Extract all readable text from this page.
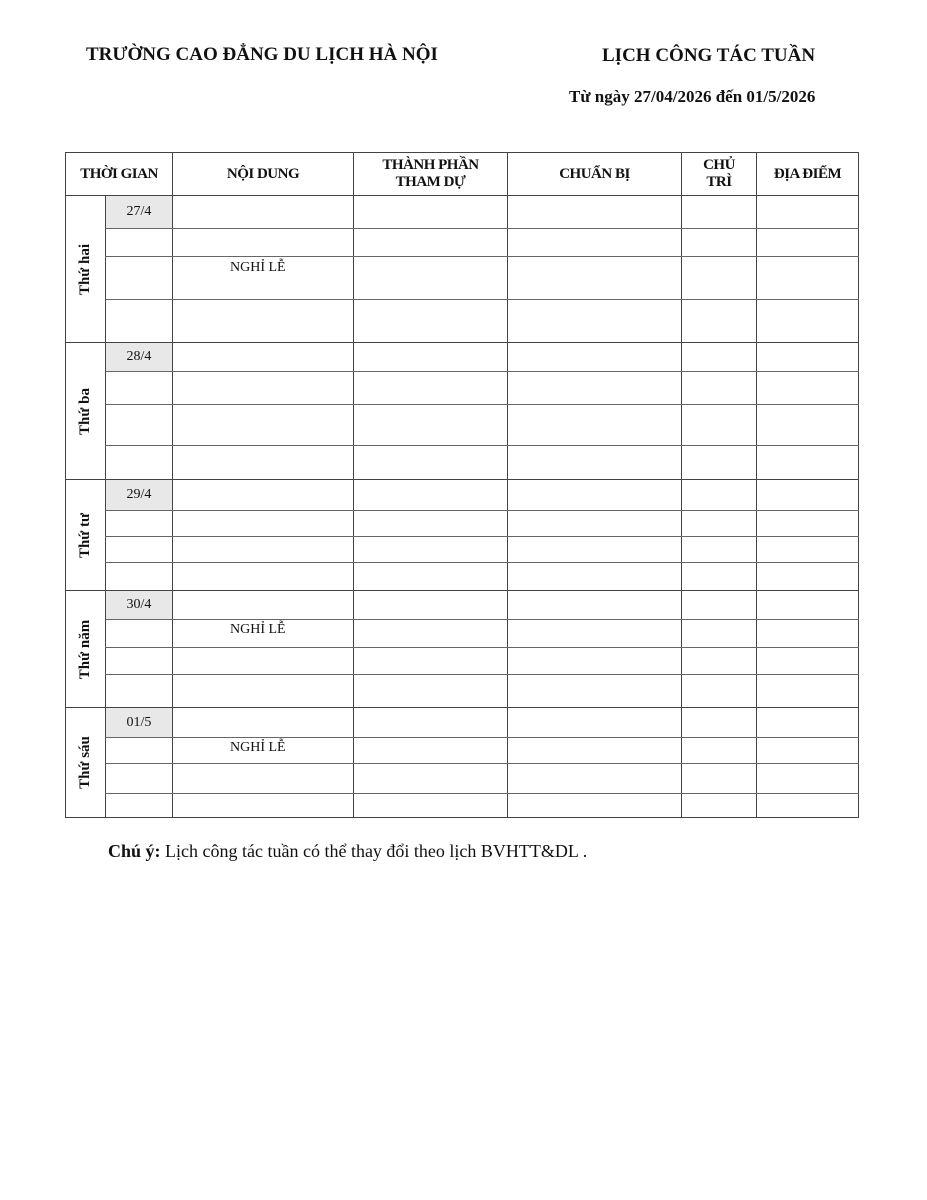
TRƯỜNG CAO ĐẲNG DU LỊCH HÀ NỘI	LỊCH CÔNG TÁC TUẦN
Từ ngày 27/04/2026 đến 01/5/2026
THỜI GIAN	NỘI DUNG
THÀNH PHẦN
THAM DỰ
CHUẨN BỊ
CHỦ
TRÌ
ĐỊA ĐIỂM
Thứ hai
Thứ ba
Thứ tư
Thứ năm
Thứ sáu
27/4
28/4
29/4
30/4
01/5
NGHỈ LỄ
NGHỈ LỄ
NGHỈ LỄ
Chú ý: Lịch công tác tuần có thể thay đổi theo lịch BVHTT&DL .
